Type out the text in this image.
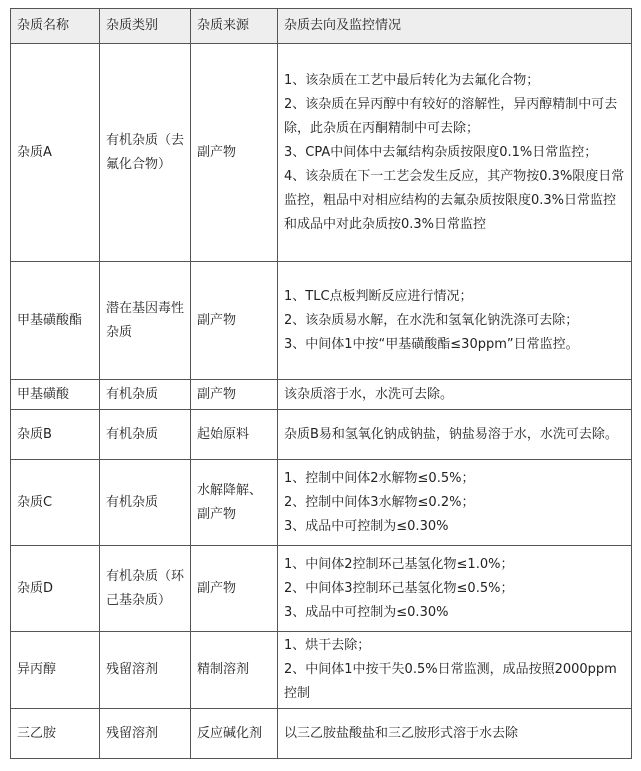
杂质名称	杂质类别	杂质来源	杂质去向及监控情况
杂质A	有机杂质（去氟化合物）	副产物	1、该杂质在工艺中最后转化为去氟化合物；
2、该杂质在异丙醇中有较好的溶解性，异丙醇精制中可去除，此杂质在丙酮精制中可去除；
3、CPA中间体中去氟结构杂质按限度0.1%日常监控；
4、该杂质在下一工艺会发生反应，其产物按0.3%限度日常监控，粗品中对相应结构的去氟杂质按限度0.3%日常监控和成品中对此杂质按0.3%日常监控

甲基磺酸酯	潜在基因毒性杂质	副产物	1、TLC点板判断反应进行情况；
2、该杂质易水解，在水洗和氢氧化钠洗涤可去除；
3、中间体1中按“甲基磺酸酯≤30ppm”日常监控。

甲基磺酸	有机杂质	副产物	该杂质溶于水，水洗可去除。

杂质B	有机杂质	起始原料	杂质B易和氢氧化钠成钠盐，钠盐易溶于水，水洗可去除。

杂质C	有机杂质	水解降解、副产物	1、控制中间体2水解物≤0.5%；
2、控制中间体3水解物≤0.2%；
3、成品中可控制为≤0.30%

杂质D	有机杂质（环己基杂质）	副产物	1、中间体2控制环己基氢化物≤1.0%；
2、中间体3控制环己基氢化物≤0.5%；
3、成品中可控制为≤0.30%

异丙醇	残留溶剂	精制溶剂	1、烘干去除；
2、中间体1中按干失0.5%日常监测，成品按照2000ppm控制

三乙胺	残留溶剂	反应碱化剂	以三乙胺盐酸盐和三乙胺形式溶于水去除
